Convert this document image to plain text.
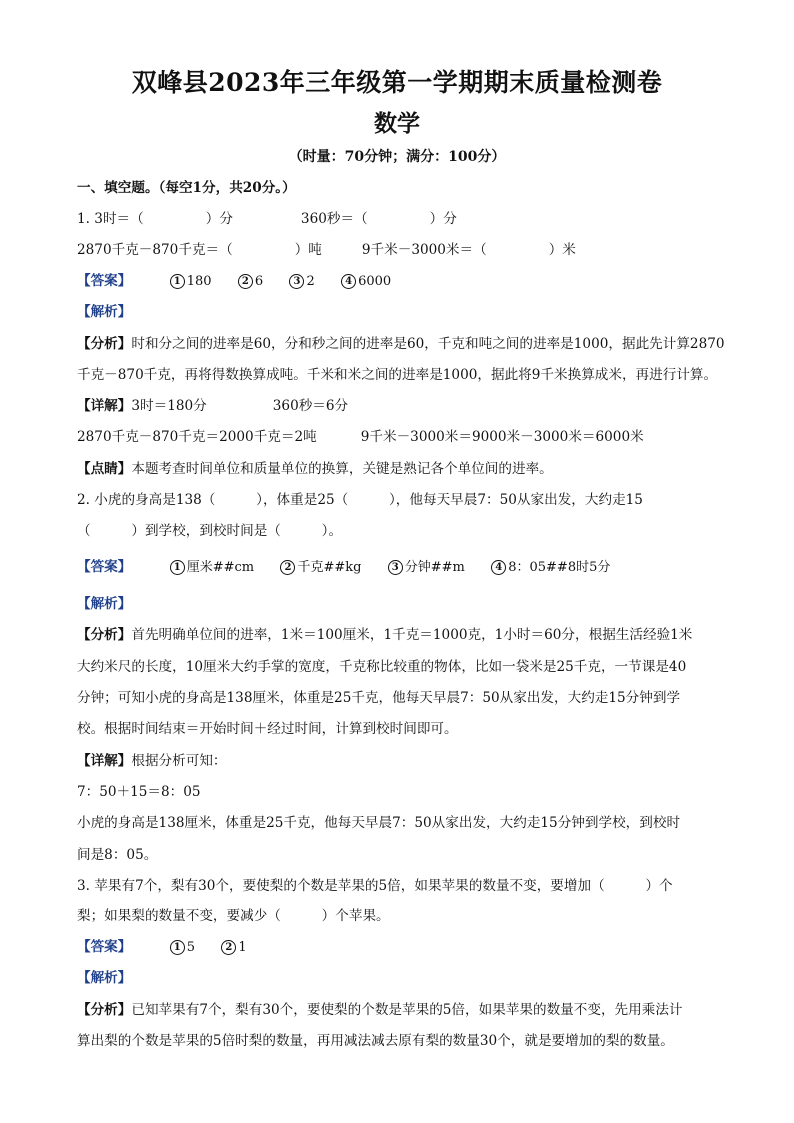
双峰县2023年三年级第一学期期末质量检测卷
数学
（时量：70分钟；满分：100分）
一、填空题。（每空1分，共20分。）
1. 3时＝（	）分	360秒＝（	）分
2870千克－870千克＝（	）吨	9千米－3000米＝（	）米
【答案】	1 180	2 6	3 2	4 6000
【解析】
【分析】时和分之间的进率是60，分和秒之间的进率是60，千克和吨之间的进率是1000，据此先计算2870
千克－870千克，再将得数换算成吨。千米和米之间的进率是1000，据此将9千米换算成米，再进行计算。
【详解】3时＝180分	360秒＝6分
2870千克－870千克＝2000千克＝2吨	9千米－3000米＝9000米－3000米＝6000米
【点睛】本题考查时间单位和质量单位的换算，关键是熟记各个单位间的进率。
2. 小虎的身高是138（　　　），体重是25（　　　），他每天早晨7：50从家出发，大约走15
（　　　）到学校，到校时间是（　　　）。
【答案】	1 厘米##cm	2 千克##kg	3 分钟##m	4 8：05##8时5分
【解析】
【分析】首先明确单位间的进率，1米＝100厘米，1千克＝1000克，1小时＝60分，根据生活经验1米
大约米尺的长度，10厘米大约手掌的宽度，千克称比较重的物体，比如一袋米是25千克，一节课是40
分钟；可知小虎的身高是138厘米，体重是25千克，他每天早晨7：50从家出发，大约走15分钟到学
校。根据时间结束＝开始时间＋经过时间，计算到校时间即可。
【详解】根据分析可知：
7：50＋15＝8：05
小虎的身高是138厘米，体重是25千克，他每天早晨7：50从家出发，大约走15分钟到学校，到校时
间是8：05。
3. 苹果有7个，梨有30个，要使梨的个数是苹果的5倍，如果苹果的数量不变，要增加（　　　）个
梨；如果梨的数量不变，要减少（　　　）个苹果。
【答案】	1 5	2 1
【解析】
【分析】已知苹果有7个，梨有30个，要使梨的个数是苹果的5倍，如果苹果的数量不变，先用乘法计
算出梨的个数是苹果的5倍时梨的数量，再用减法减去原有梨的数量30个，就是要增加的梨的数量。
